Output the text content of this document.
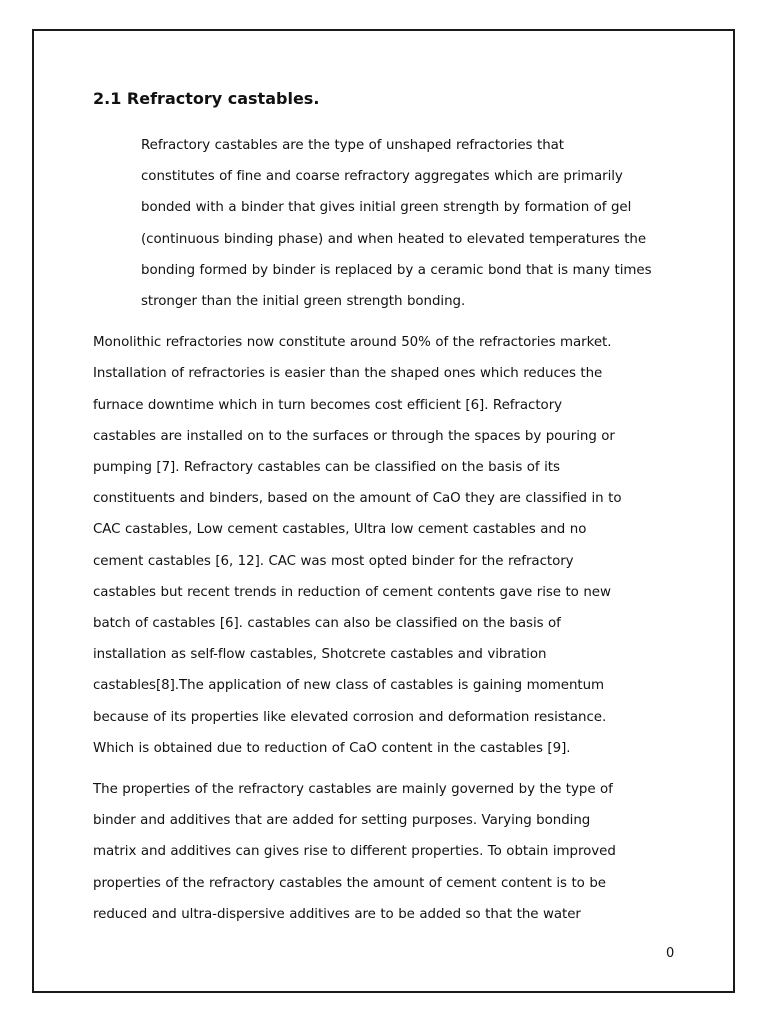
2.1 Refractory castables.
Refractory castables are the type of unshaped refractories that
constitutes of fine and coarse refractory aggregates which are primarily
bonded with a binder that gives initial green strength by formation of gel
(continuous binding phase) and when heated to elevated temperatures the
bonding formed by binder is replaced by a ceramic bond that is many times
stronger than the initial green strength bonding.
Monolithic refractories now constitute around 50% of the refractories market.
Installation of refractories is easier than the shaped ones which reduces the
furnace downtime which in turn becomes cost efficient [6]. Refractory
castables are installed on to the surfaces or through the spaces by pouring or
pumping [7]. Refractory castables can be classified on the basis of its
constituents and binders, based on the amount of CaO they are classified in to
CAC castables, Low cement castables, Ultra low cement castables and no
cement castables [6, 12]. CAC was most opted binder for the refractory
castables but recent trends in reduction of cement contents gave rise to new
batch of castables [6]. castables can also be classified on the basis of
installation as self-flow castables, Shotcrete castables and vibration
castables[8].The application of new class of castables is gaining momentum
because of its properties like elevated corrosion and deformation resistance.
Which is obtained due to reduction of CaO content in the castables [9].
The properties of the refractory castables are mainly governed by the type of
binder and additives that are added for setting purposes. Varying bonding
matrix and additives can gives rise to different properties. To obtain improved
properties of the refractory castables the amount of cement content is to be
reduced and ultra-dispersive additives are to be added so that the water
0
